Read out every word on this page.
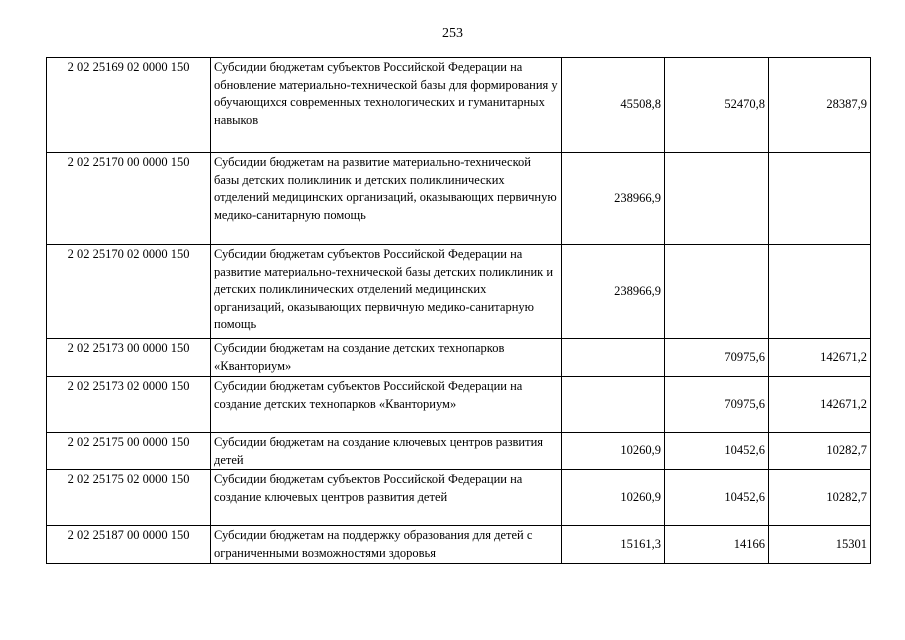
253
2 02 25169 02 0000 150	Субсидии бюджетам субъектов Российской Федерации на обновление материально-технической базы для формирования у обучающихся современных технологических и гуманитарных навыков	45508,8	52470,8	28387,9
2 02 25170 00 0000 150	Субсидии бюджетам на развитие материально-технической базы детских поликлиник и детских поликлинических отделений медицинских организаций, оказывающих первичную медико-санитарную помощь	238966,9		
2 02 25170 02 0000 150	Субсидии бюджетам субъектов Российской Федерации на развитие материально-технической базы детских поликлиник и детских поликлинических отделений медицинских организаций, оказывающих первичную медико-санитарную помощь	238966,9		
2 02 25173 00 0000 150	Субсидии бюджетам на создание детских технопарков «Кванториум»		70975,6	142671,2
2 02 25173 02 0000 150	Субсидии бюджетам субъектов Российской Федерации на создание детских технопарков «Кванториум»		70975,6	142671,2
2 02 25175 00 0000 150	Субсидии бюджетам на создание ключевых центров развития детей	10260,9	10452,6	10282,7
2 02 25175 02 0000 150	Субсидии бюджетам субъектов Российской Федерации на создание ключевых центров развития детей	10260,9	10452,6	10282,7
2 02 25187 00 0000 150	Субсидии бюджетам на поддержку образования для детей с ограниченными возможностями здоровья	15161,3	14166	15301
